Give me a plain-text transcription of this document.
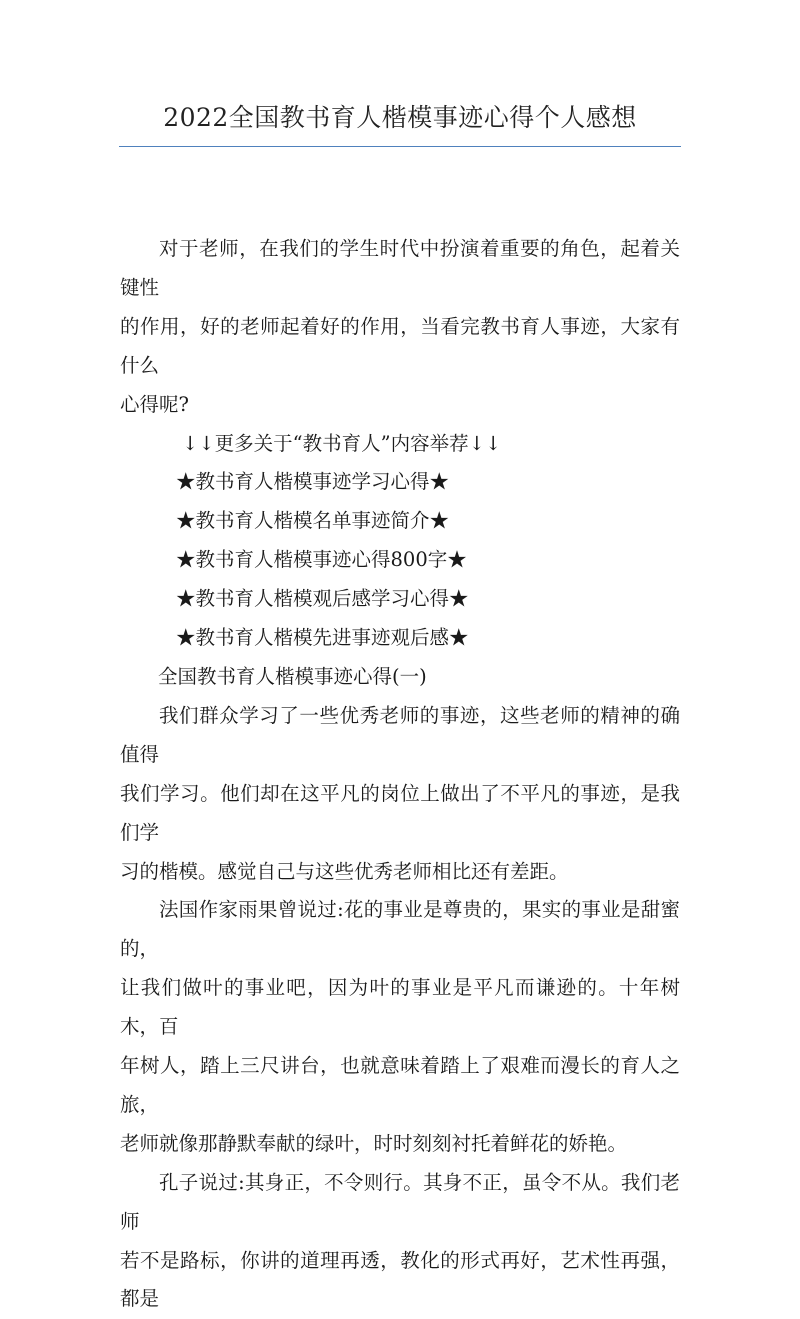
2022全国教书育人楷模事迹心得个人感想

对于老师，在我们的学生时代中扮演着重要的角色，起着关键性

的作用，好的老师起着好的作用，当看完教书育人事迹，大家有什么

心得呢?

↓↓更多关于“教书育人”内容举荐↓↓

★教书育人楷模事迹学习心得★

★教书育人楷模名单事迹简介★

★教书育人楷模事迹心得800字★

★教书育人楷模观后感学习心得★

★教书育人楷模先进事迹观后感★

全国教书育人楷模事迹心得(一)

我们群众学习了一些优秀老师的事迹，这些老师的精神的确值得

我们学习。他们却在这平凡的岗位上做出了不平凡的事迹，是我们学

习的楷模。感觉自己与这些优秀老师相比还有差距。

法国作家雨果曾说过:花的事业是尊贵的，果实的事业是甜蜜的，

让我们做叶的事业吧，因为叶的事业是平凡而谦逊的。十年树木，百

年树人，踏上三尺讲台，也就意味着踏上了艰难而漫长的育人之旅，

老师就像那静默奉献的绿叶，时时刻刻衬托着鲜花的娇艳。

孔子说过:其身正，不令则行。其身不正，虽令不从。我们老师

若不是路标，你讲的道理再透，教化的形式再好，艺术性再强，都是
